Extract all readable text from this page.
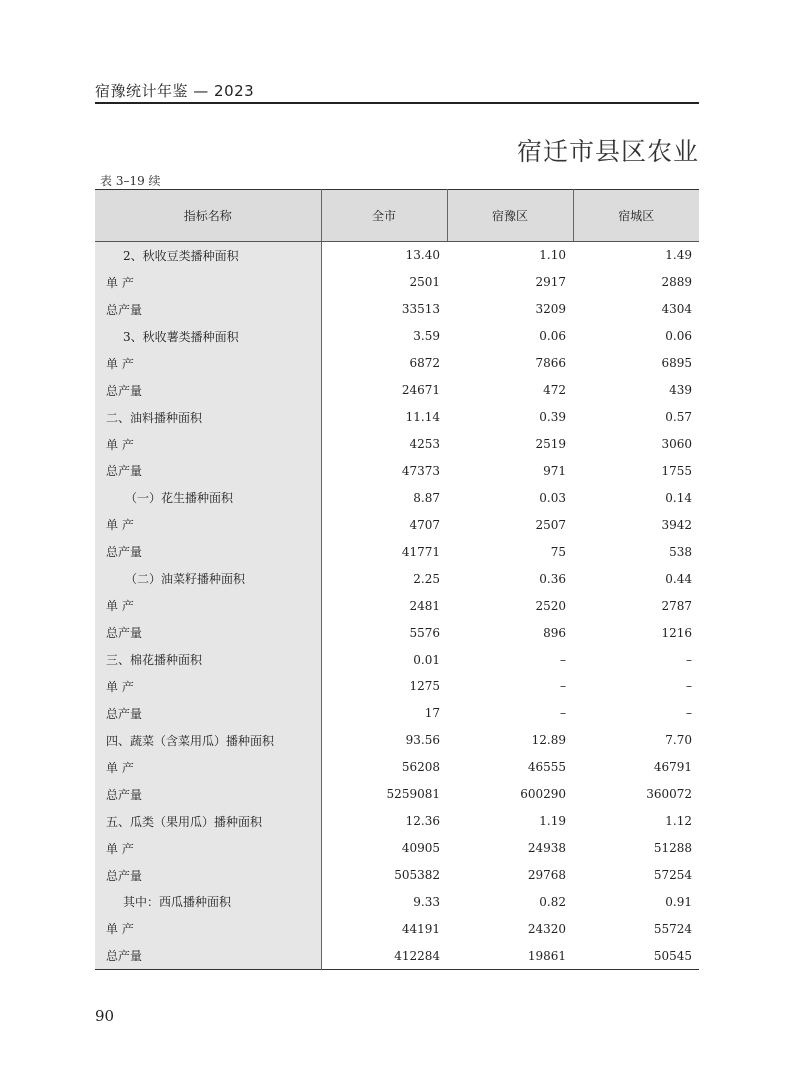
宿豫统计年鉴 — 2023
宿迁市县区农业
表 3–19 续
指标名称	全市	宿豫区	宿城区
2、秋收豆类播种面积	13.40	1.10	1.49
单 产	2501	2917	2889
总产量	33513	3209	4304
3、秋收薯类播种面积	3.59	0.06	0.06
单 产	6872	7866	6895
总产量	24671	472	439
二、油料播种面积	11.14	0.39	0.57
单 产	4253	2519	3060
总产量	47373	971	1755
（一）花生播种面积	8.87	0.03	0.14
单 产	4707	2507	3942
总产量	41771	75	538
（二）油菜籽播种面积	2.25	0.36	0.44
单 产	2481	2520	2787
总产量	5576	896	1216
三、棉花播种面积	0.01	–	–
单 产	1275	–	–
总产量	17	–	–
四、蔬菜（含菜用瓜）播种面积	93.56	12.89	7.70
单 产	56208	46555	46791
总产量	5259081	600290	360072
五、瓜类（果用瓜）播种面积	12.36	1.19	1.12
单 产	40905	24938	51288
总产量	505382	29768	57254
其中：西瓜播种面积	9.33	0.82	0.91
单 产	44191	24320	55724
总产量	412284	19861	50545
90
